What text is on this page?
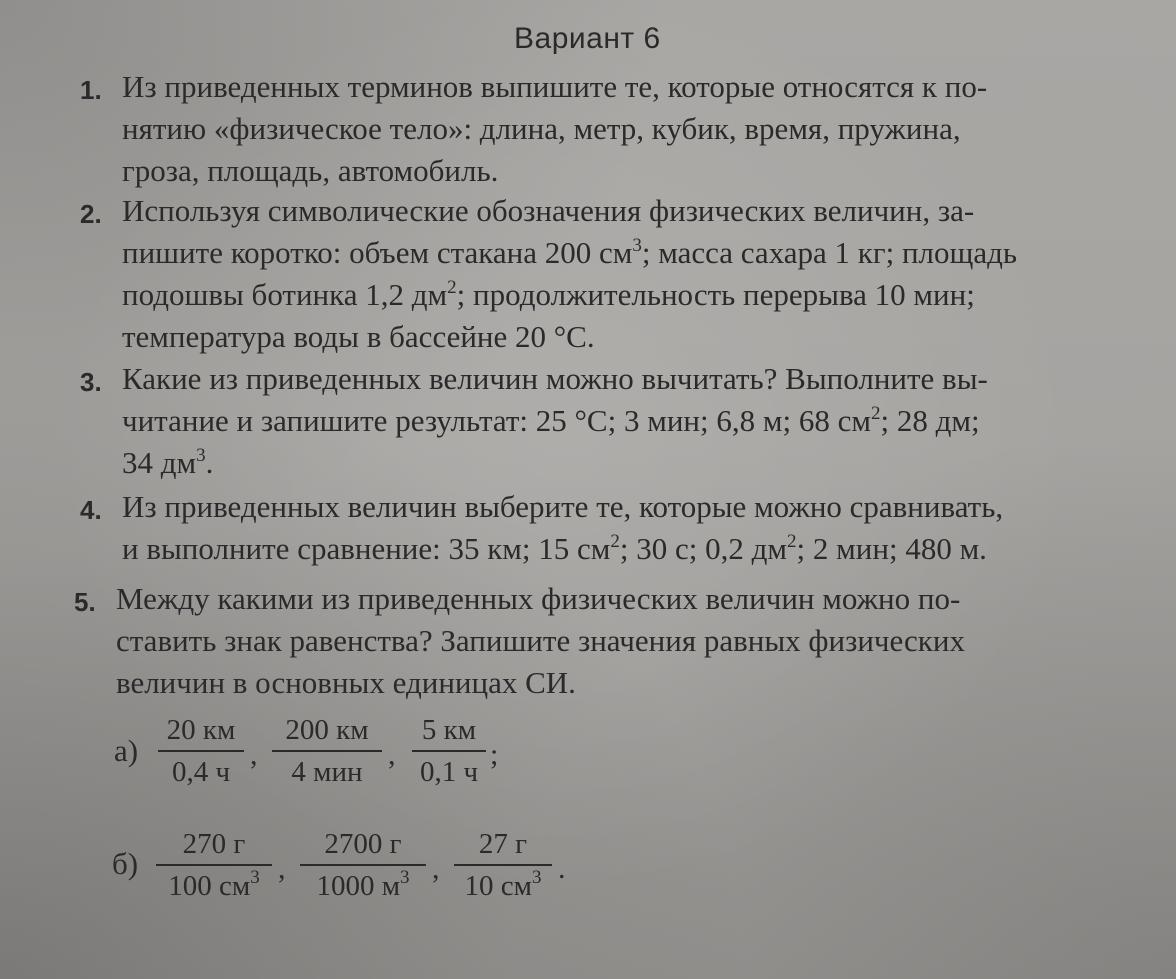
Вариант 6
1. Из приведенных терминов выпишите те, которые относятся к по-
нятию «физическое тело»: длина, метр, кубик, время, пружина,
гроза, площадь, автомобиль.
2. Используя символические обозначения физических величин, за-
пишите коротко: объем стакана 200 $см^3$; масса сахара 1 кг; площадь
подошвы ботинка 1,2 $дм^2$; продолжительность перерыва 10 мин;
температура воды в бассейне 20 °С.
3. Какие из приведенных величин можно вычитать? Выполните вы-
читание и запишите результат: 25 °С; 3 мин; 6,8 м; 68 $см^2$; 28 дм;
34 $дм^3$.
4. Из приведенных величин выберите те, которые можно сравнивать,
и выполните сравнение: 35 км; 15 $см^2$; 30 с; 0,2 $дм^2$; 2 мин; 480 м.
5. Между какими из приведенных физических величин можно по-
ставить знак равенства? Запишите значения равных физических
величин в основных единицах СИ.
а)
20 км
0,4 ч
,
200 км
4 мин
,
5 км
0,1 ч
;
б)
270 г
100 $см^3$ ,
2700 г
1000 $м^3$ ,
27 г
10 $см^3$ .
